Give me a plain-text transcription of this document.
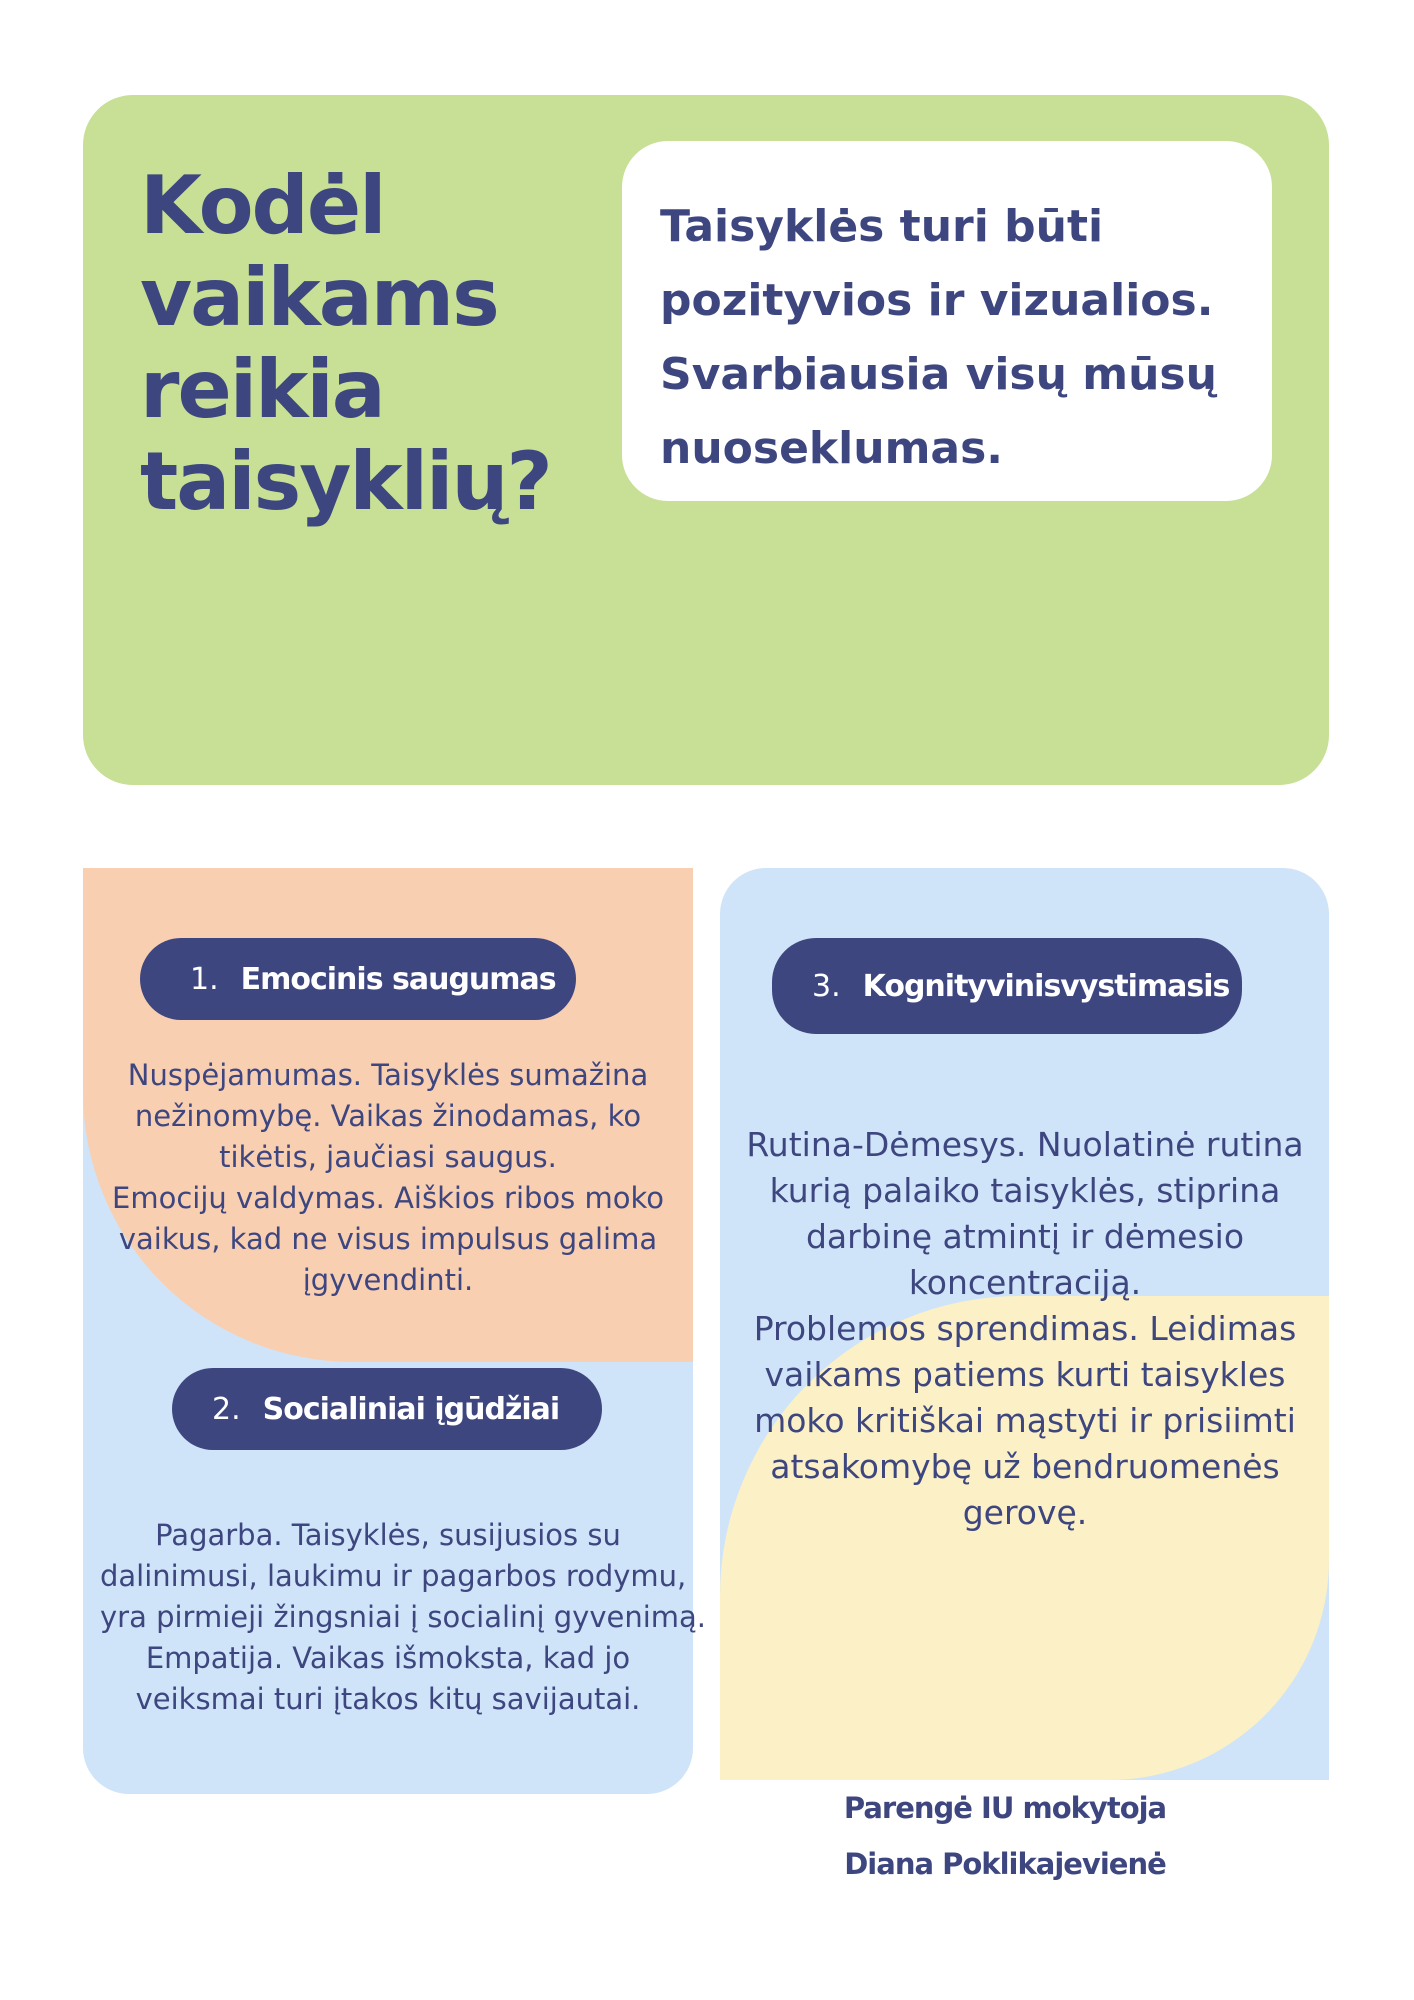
Kodėl
vaikams
reikia
taisyklių?

Taisyklės turi būti
pozityvios ir vizualios.
Svarbiausia visų mūsų
nuoseklumas.

1. Emocinis saugumas
Nuspėjamumas. Taisyklės sumažina
nežinomybę. Vaikas žinodamas, ko
tikėtis, jaučiasi saugus.
Emocijų valdymas. Aiškios ribos moko
vaikus, kad ne visus impulsus galima
įgyvendinti.
2. Socialiniai įgūdžiai
Pagarba. Taisyklės, susijusios su
dalinimusi, laukimu ir pagarbos rodymu,
yra pirmieji žingsniai į socialinį gyvenimą.
Empatija. Vaikas išmoksta, kad jo
veiksmai turi įtakos kitų savijautai.
3. Kognityvinisvystimasis
Rutina-Dėmesys. Nuolatinė rutina
kurią palaiko taisyklės, stiprina
darbinę atmintį ir dėmesio
koncentraciją.
Problemos sprendimas. Leidimas
vaikams patiems kurti taisykles
moko kritiškai mąstyti ir prisiimti
atsakomybę už bendruomenės
gerovę.

Parengė IU mokytoja
Diana Poklikajevienė
